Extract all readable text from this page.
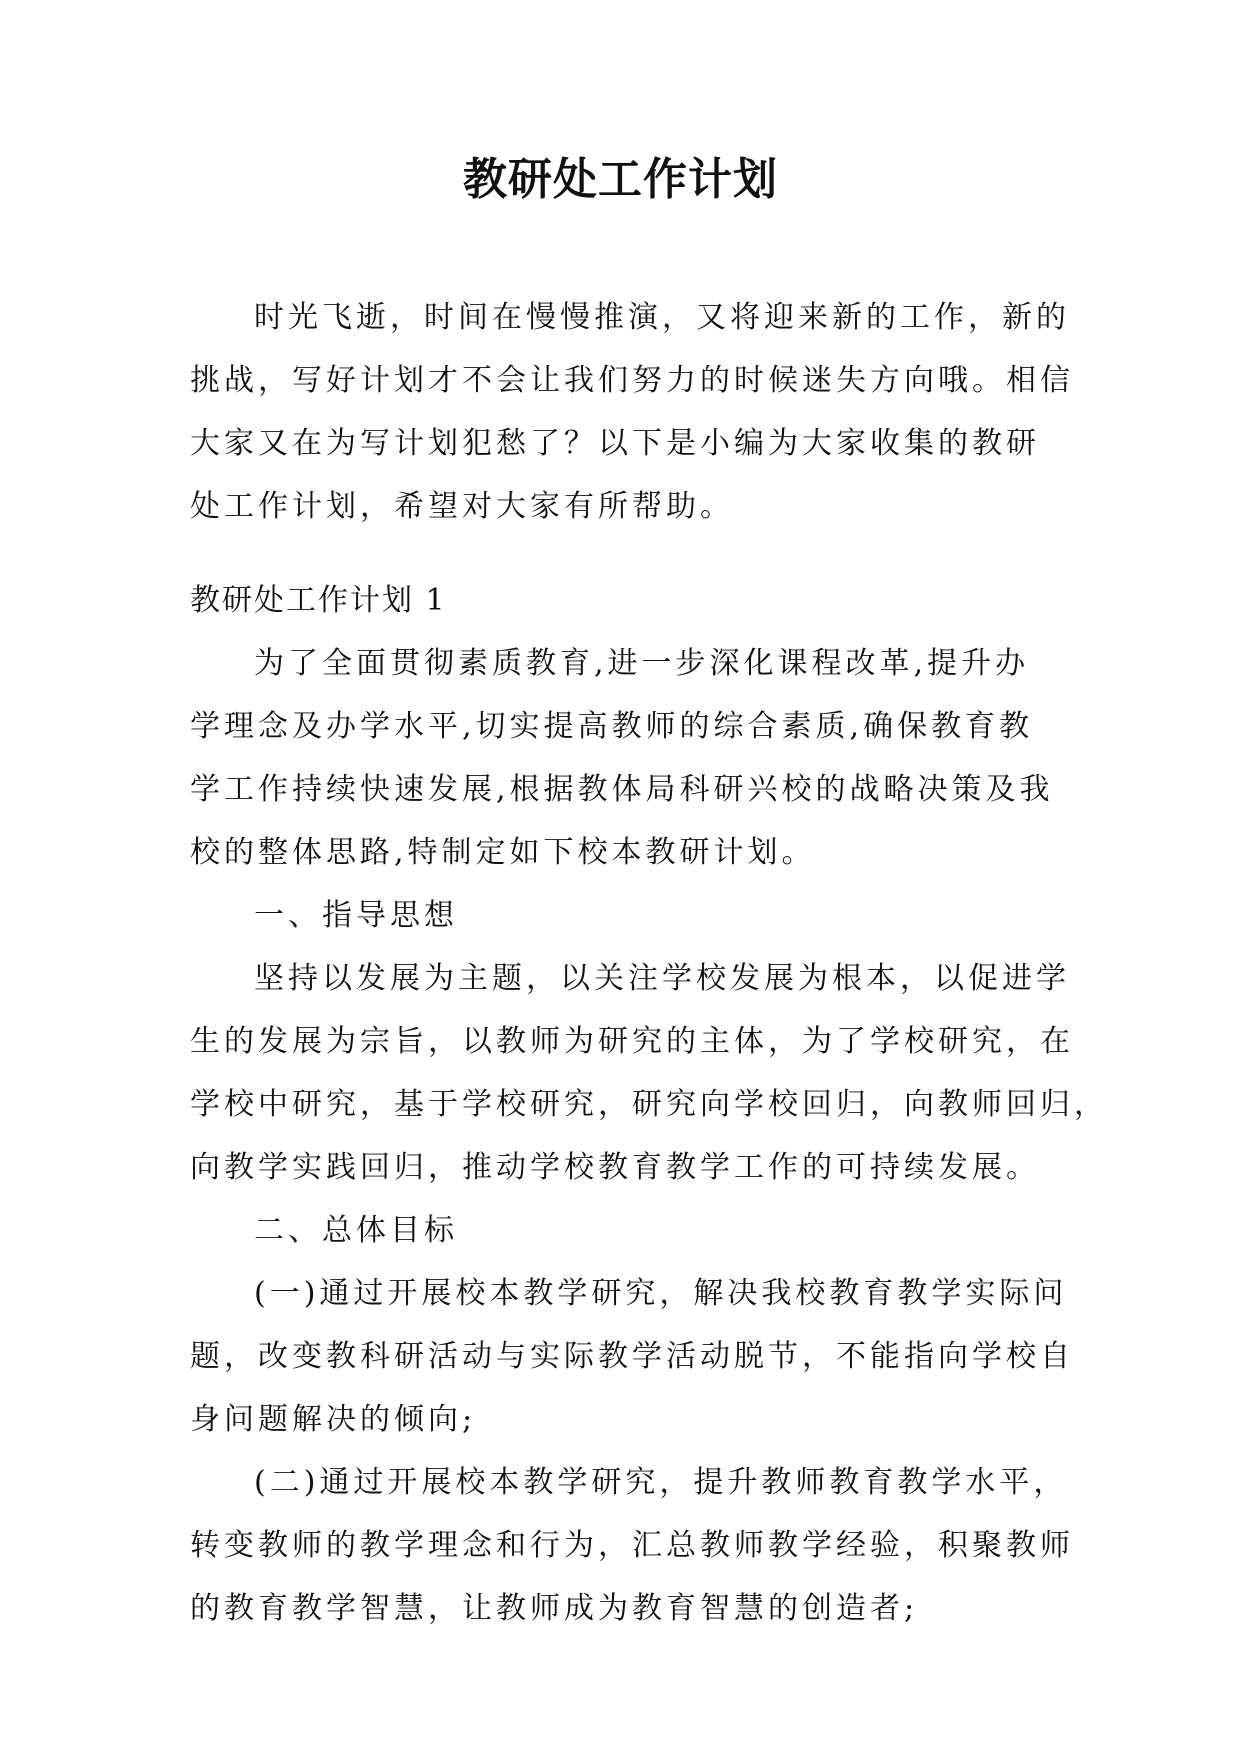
教研处工作计划

时光飞逝，时间在慢慢推演，又将迎来新的工作，新的

挑战，写好计划才不会让我们努力的时候迷失方向哦。相信

大家又在为写计划犯愁了？以下是小编为大家收集的教研

处工作计划，希望对大家有所帮助。

教研处工作计划 1

为了全面贯彻素质教育,进一步深化课程改革,提升办

学理念及办学水平,切实提高教师的综合素质,确保教育教

学工作持续快速发展,根据教体局科研兴校的战略决策及我

校的整体思路,特制定如下校本教研计划。

一、指导思想

坚持以发展为主题，以关注学校发展为根本，以促进学

生的发展为宗旨，以教师为研究的主体，为了学校研究，在

学校中研究，基于学校研究，研究向学校回归，向教师回归，

向教学实践回归，推动学校教育教学工作的可持续发展。

二、总体目标

(一)通过开展校本教学研究，解决我校教育教学实际问

题，改变教科研活动与实际教学活动脱节，不能指向学校自

身问题解决的倾向;

(二)通过开展校本教学研究，提升教师教育教学水平，

转变教师的教学理念和行为，汇总教师教学经验，积聚教师

的教育教学智慧，让教师成为教育智慧的创造者;
